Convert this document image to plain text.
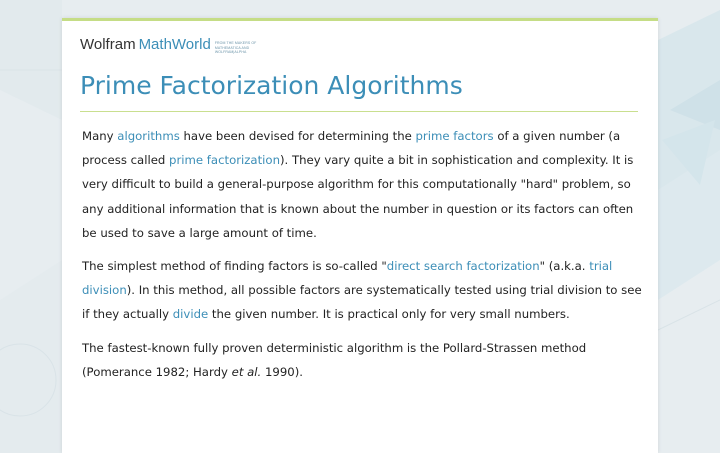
Wolfram MathWorld FROM THE MAKERS OF MATHEMATICA AND WOLFRAM|ALPHA
Prime Factorization Algorithms

Many algorithms have been devised for determining the prime factors of a given number (a process called prime factorization). They vary quite a bit in sophistication and complexity. It is very difficult to build a general-purpose algorithm for this computationally "hard" problem, so any additional information that is known about the number in question or its factors can often be used to save a large amount of time.

The simplest method of finding factors is so-called "direct search factorization" (a.k.a. trial division). In this method, all possible factors are systematically tested using trial division to see if they actually divide the given number. It is practical only for very small numbers.

The fastest-known fully proven deterministic algorithm is the Pollard-Strassen method (Pomerance 1982; Hardy et al. 1990).
